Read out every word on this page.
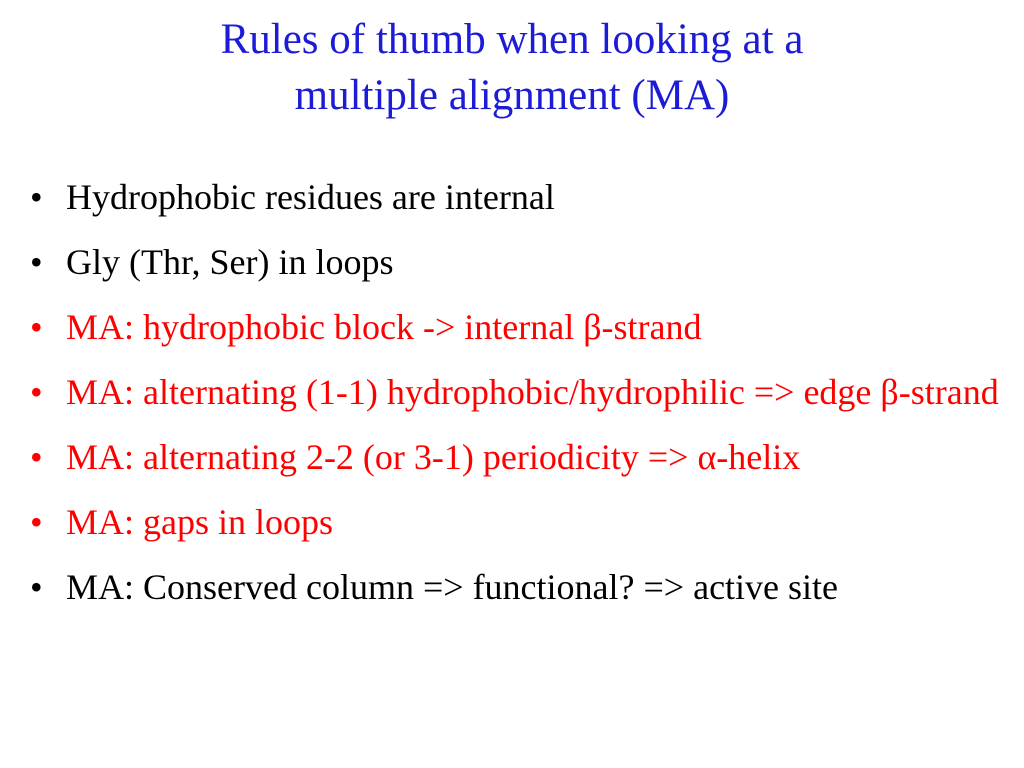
Rules of thumb when looking at a
multiple alignment (MA)
• Hydrophobic residues are internal
• Gly (Thr, Ser) in loops
• MA: hydrophobic block -> internal β-strand
• MA: alternating (1-1) hydrophobic/hydrophilic => edge β-strand
• MA: alternating 2-2 (or 3-1) periodicity => α-helix
• MA: gaps in loops
• MA: Conserved column => functional? => active site
